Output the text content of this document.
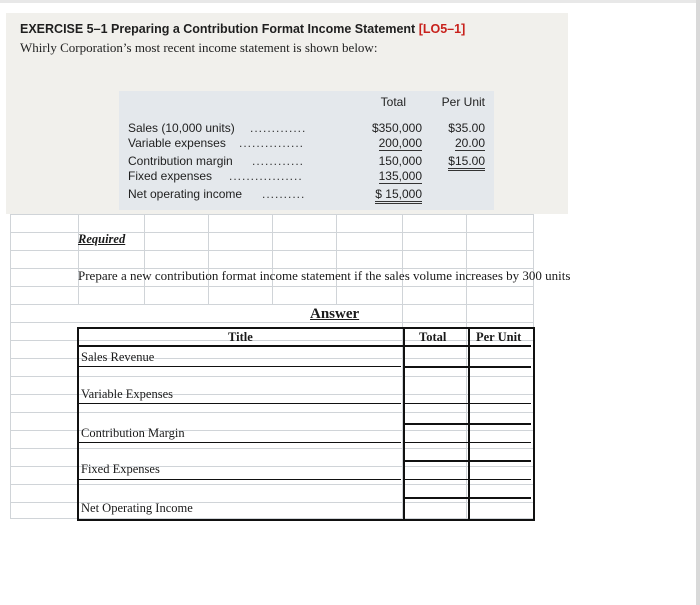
EXERCISE 5–1 Preparing a Contribution Format Income Statement [LO5–1]
Whirly Corporation’s most recent income statement is shown below:
Total	Per Unit
Sales (10,000 units) .............	$350,000 $35.00
Variable expenses ...............	200,000	20.00
Contribution margin ............	150,000 $15.00
Fixed expenses .................	135,000
Net operating income ..........	$ 15,000
Required
Prepare a new contribution format income statement if the sales volume increases by 300 units
Answer
Title	Total Per Unit
Sales Revenue
Variable Expenses
Contribution Margin
Fixed Expenses
Net Operating Income
